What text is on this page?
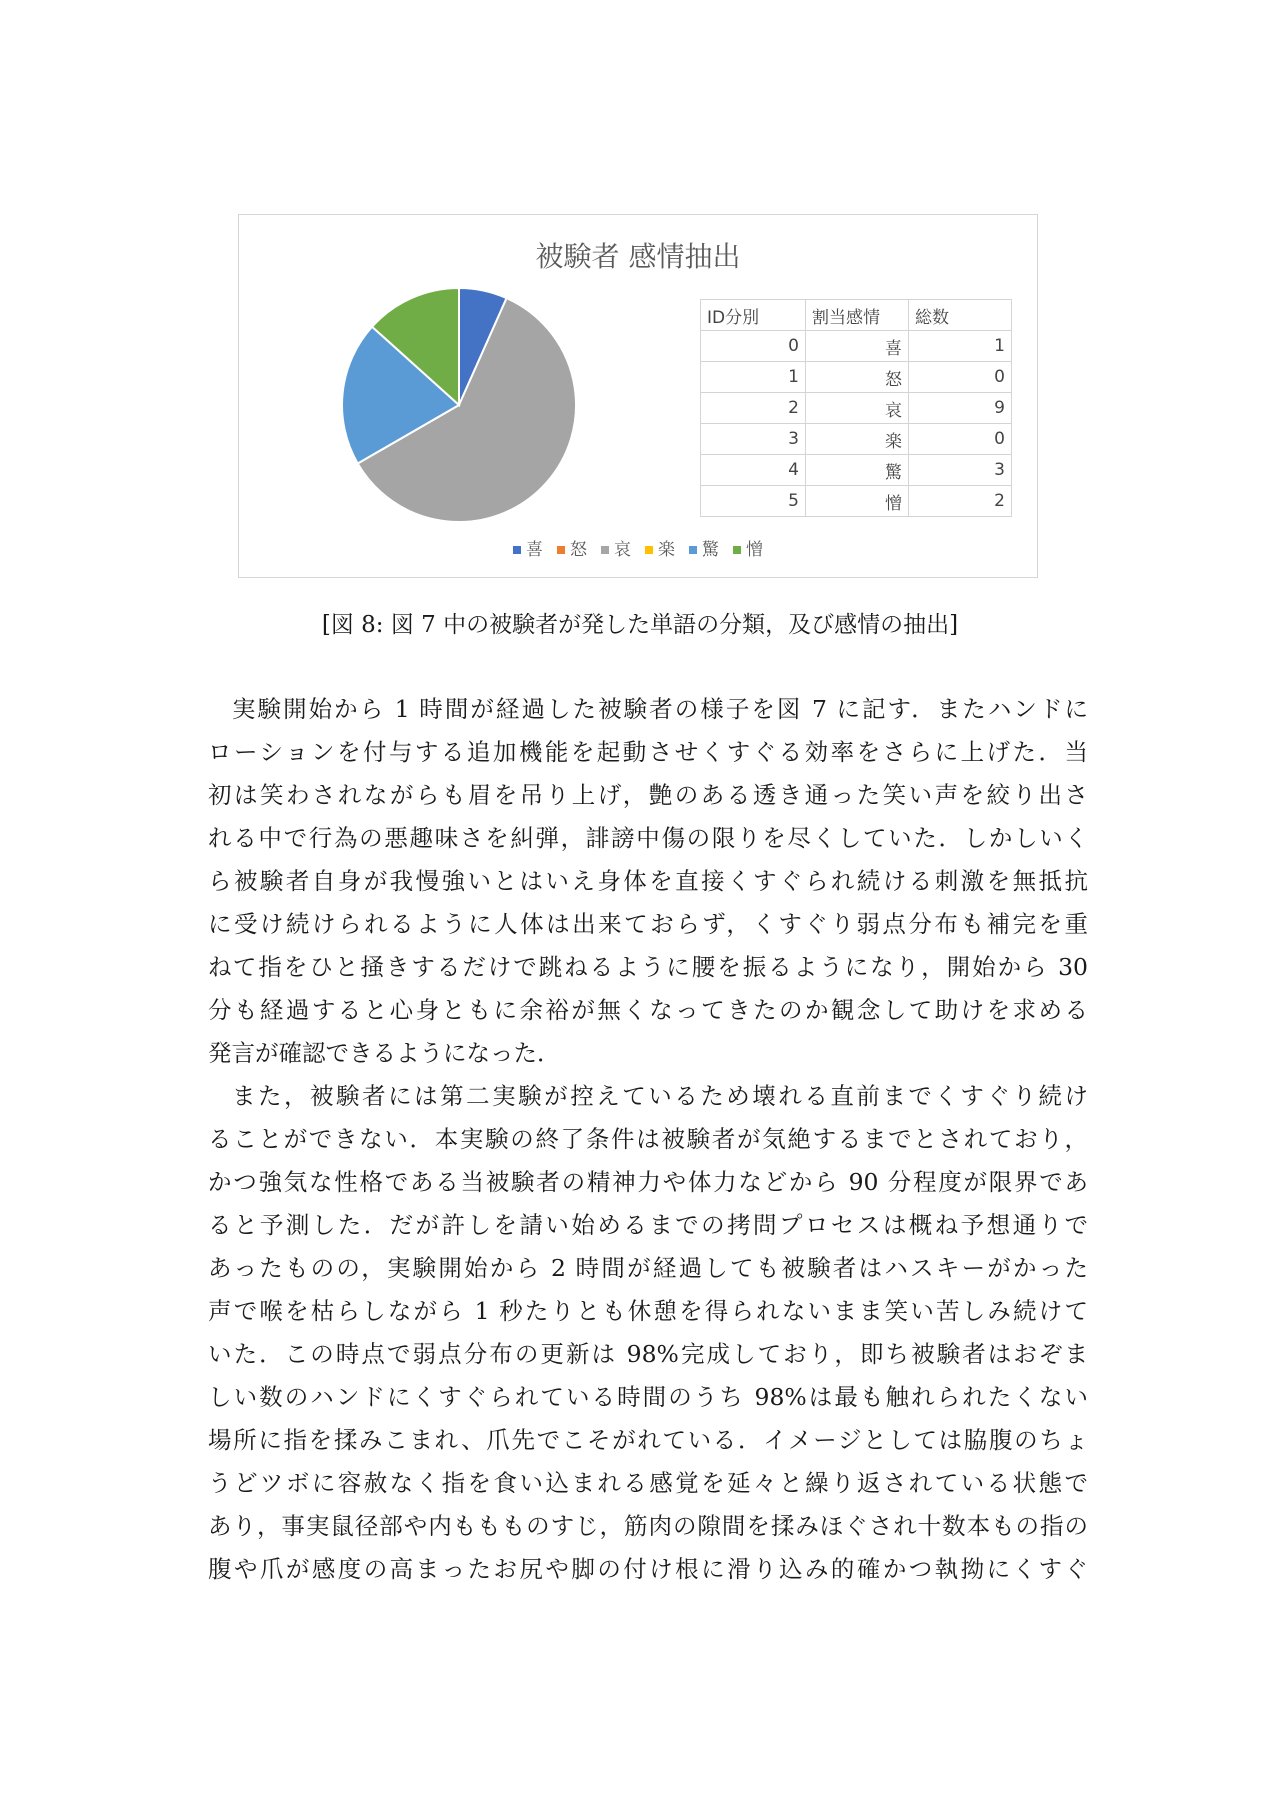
被験者 感情抽出
ID分別	割当感情	総数
0	喜	1
1	怒	0
2	哀	9
3	楽	0
4	驚	3
5	憎	2
喜 怒 哀 楽 驚 憎
[図 8: 図 7 中の被験者が発した単語の分類，及び感情の抽出]
実験開始から 1 時間が経過した被験者の様子を図 7 に記す．またハンドに
ローションを付与する追加機能を起動させくすぐる効率をさらに上げた．当
初は笑わされながらも眉を吊り上げ，艶のある透き通った笑い声を絞り出さ
れる中で行為の悪趣味さを糾弾，誹謗中傷の限りを尽くしていた．しかしいく
ら被験者自身が我慢強いとはいえ身体を直接くすぐられ続ける刺激を無抵抗
に受け続けられるように人体は出来ておらず，くすぐり弱点分布も補完を重
ねて指をひと掻きするだけで跳ねるように腰を振るようになり，開始から 30
分も経過すると心身ともに余裕が無くなってきたのか観念して助けを求める
発言が確認できるようになった．
また，被験者には第二実験が控えているため壊れる直前までくすぐり続け
ることができない．本実験の終了条件は被験者が気絶するまでとされており，
かつ強気な性格である当被験者の精神力や体力などから 90 分程度が限界であ
ると予測した．だが許しを請い始めるまでの拷問プロセスは概ね予想通りで
あったものの，実験開始から 2 時間が経過しても被験者はハスキーがかった
声で喉を枯らしながら 1 秒たりとも休憩を得られないまま笑い苦しみ続けて
いた．この時点で弱点分布の更新は 98%完成しており，即ち被験者はおぞま
しい数のハンドにくすぐられている時間のうち 98%は最も触れられたくない
場所に指を揉みこまれ、爪先でこそがれている．イメージとしては脇腹のちょ
うどツボに容赦なく指を食い込まれる感覚を延々と繰り返されている状態で
あり，事実鼠径部や内ももものすじ，筋肉の隙間を揉みほぐされ十数本もの指の
腹や爪が感度の高まったお尻や脚の付け根に滑り込み的確かつ執拗にくすぐ
